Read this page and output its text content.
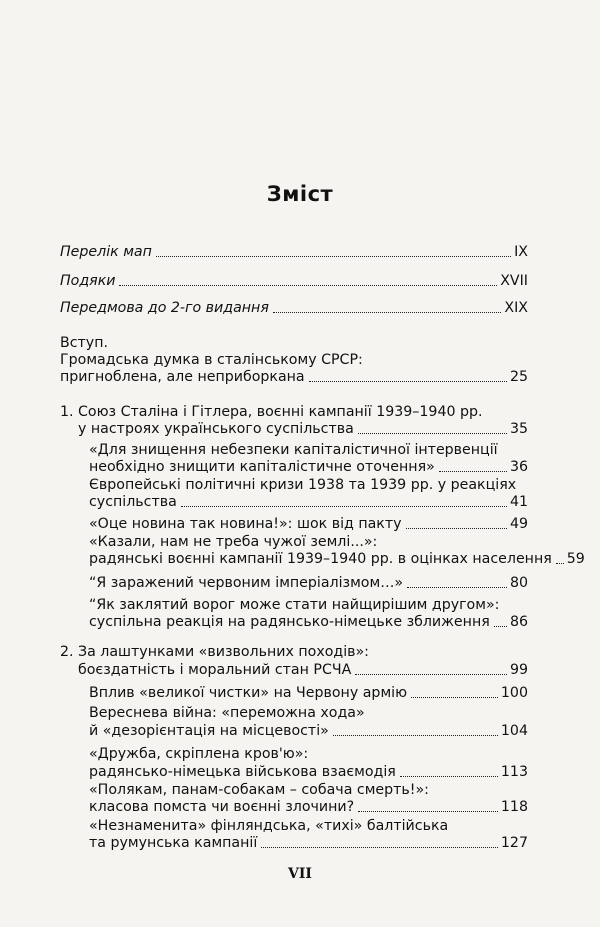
Зміст
Перелік мап	IX
Подяки	XVII
Передмова до 2-го видання	XIX
Вступ.
Громадська думка в сталінському СРСР:
пригноблена, але неприборкана	25
1. Союз Сталіна і Гітлера, воєнні кампанії 1939–1940 рр.
у настроях українського суспільства	35
«Для знищення небезпеки капіталістичної інтервенції
необхідно знищити капіталістичне оточення»	36
Європейські політичні кризи 1938 та 1939 рр. у реакціях
суспільства	41
«Оце новина так новина!»: шок від пакту	49
«Казали, нам не треба чужої землі...»:
радянські воєнні кампанії 1939–1940 рр. в оцінках населення 59
“Я заражений червоним імперіалізмом…»	80
“Як заклятий ворог може стати найщирішим другом»:
суспільна реакція на радянсько-німецьке зближення 86
2. За лаштунками «визвольних походів»:
боєздатність і моральний стан РСЧА	99
Вплив «великої чистки» на Червону армію	100
Вереснева війна: «переможна хода»
й «дезорієнтація на місцевості»	104
«Дружба, скріплена кров'ю»:
радянсько-німецька військова взаємодія	113
«Полякам, панам-собакам – собача смерть!»:
класова помста чи воєнні злочини?	118
«Незнаменита» фінляндська, «тихі» балтійська
та румунська кампанії	127
VII
